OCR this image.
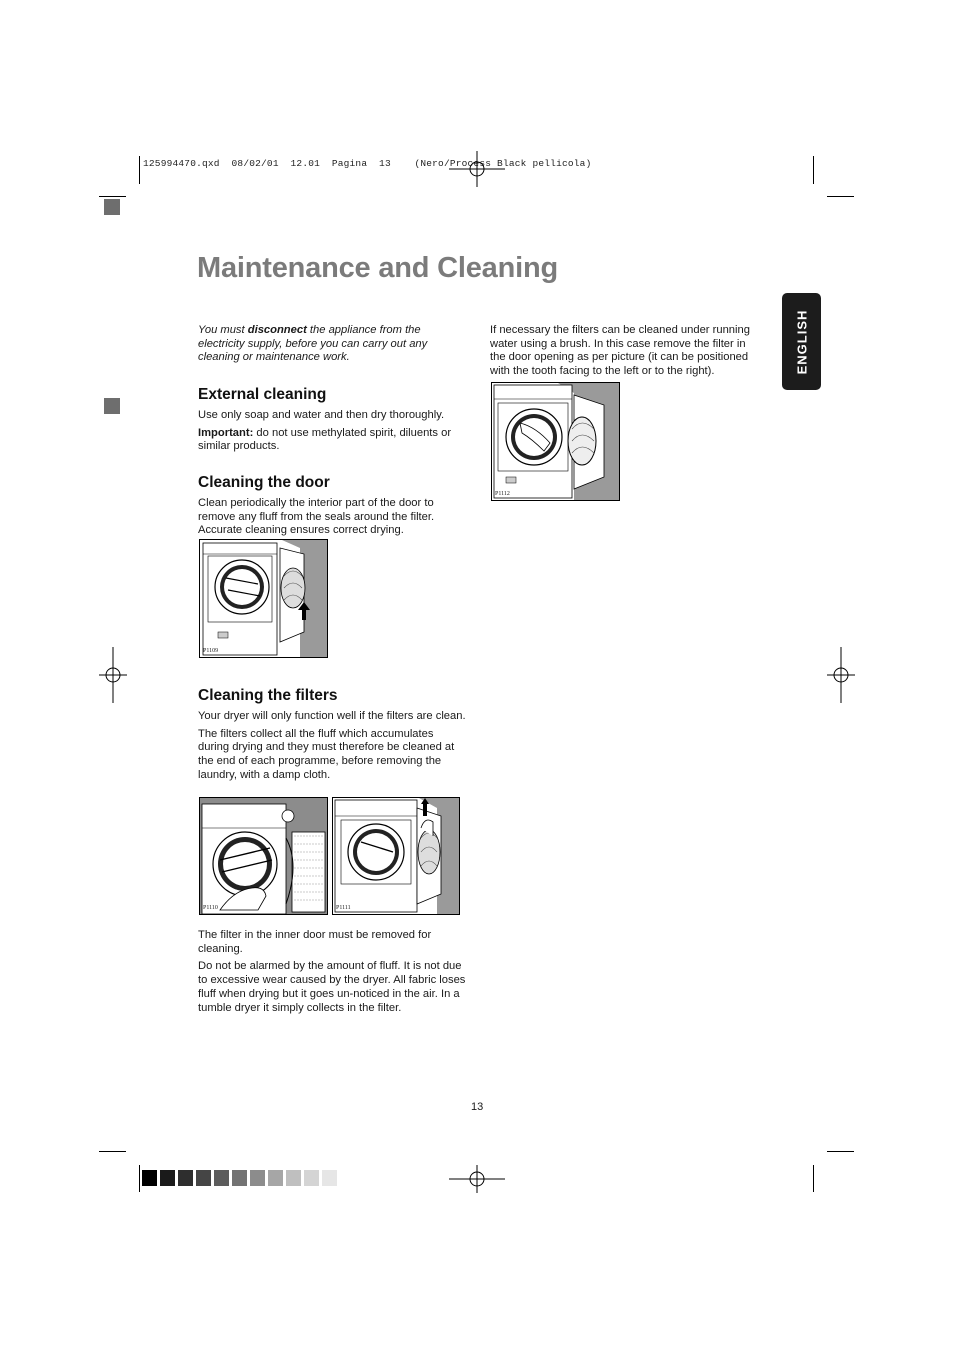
125994470.qxd  08/02/01  12.01  Pagina  13    (Nero/Process Black pellicola)
Maintenance and Cleaning
ENGLISH

You must disconnect the appliance from the electricity supply, before you can carry out any cleaning or maintenance work.

External cleaning

Use only soap and water and then dry thoroughly.

Important: do not use methylated spirit, diluents or similar products.

Cleaning the door

Clean periodically the interior part of the door to remove any fluff from the seals around the filter. Accurate cleaning ensures correct drying.

P1109
Cleaning the filters

Your dryer will only function well if the filters are clean.

The filters collect all the fluff which accumulates during drying and they must therefore be cleaned at the end of each programme, before removing the laundry, with a damp cloth.

P1110	P1111

The filter in the inner door must be removed for cleaning.

Do not be alarmed by the amount of fluff. It is not due to excessive wear caused by the dryer. All fabric loses fluff when drying but it goes un-noticed in the air. In a tumble dryer it simply collects in the filter.

If necessary the filters can be cleaned under running water using a brush. In this case remove the filter in the door opening as per picture (it can be positioned with the tooth facing to the left or to the right).

P1112
13
